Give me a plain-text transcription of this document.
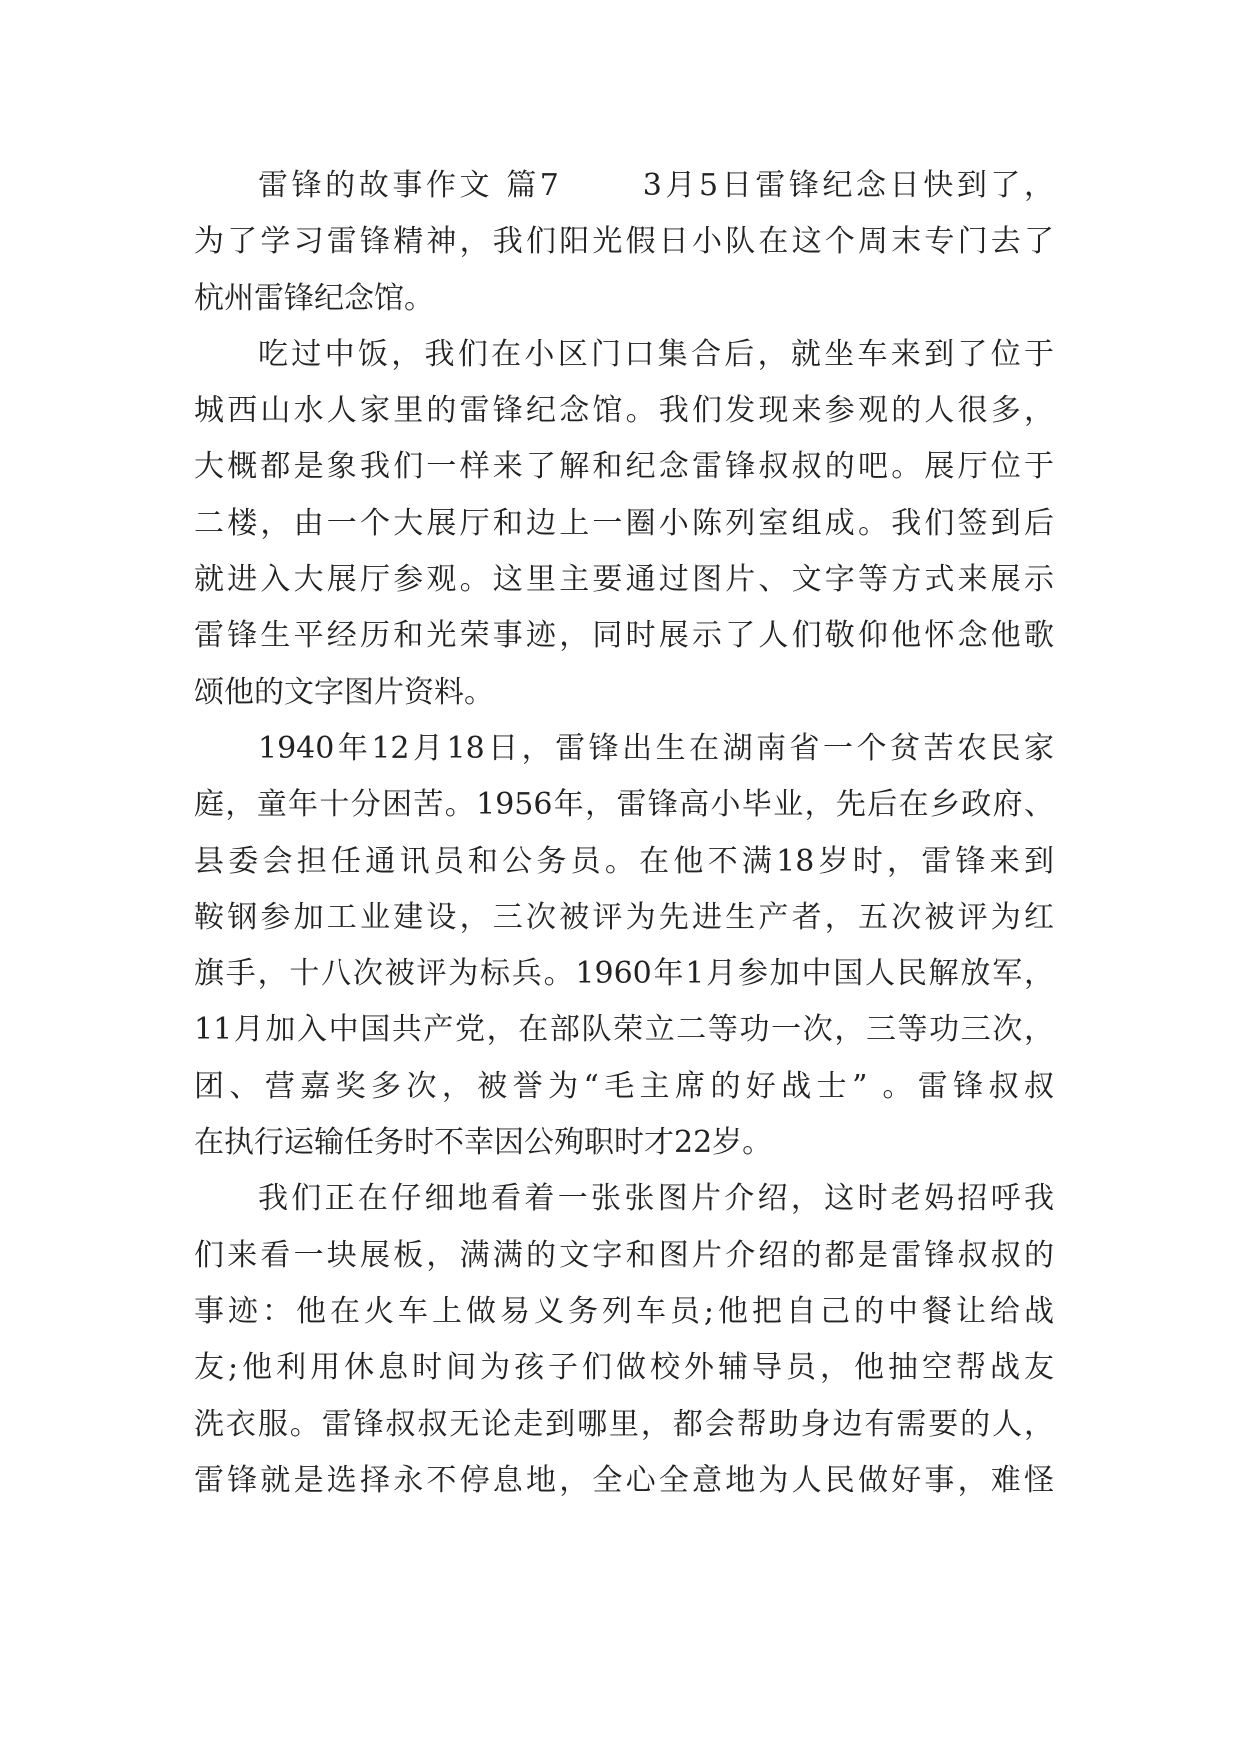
雷锋的故事作文 篇7　 　3月5日雷锋纪念日快到了，
为了学习雷锋精神，我们阳光假日小队在这个周末专门去了
杭州雷锋纪念馆。
吃过中饭，我们在小区门口集合后，就坐车来到了位于
城西山水人家里的雷锋纪念馆。我们发现来参观的人很多，
大概都是象我们一样来了解和纪念雷锋叔叔的吧。展厅位于
二楼，由一个大展厅和边上一圈小陈列室组成。我们签到后
就进入大展厅参观。这里主要通过图片、文字等方式来展示
雷锋生平经历和光荣事迹，同时展示了人们敬仰他怀念他歌
颂他的文字图片资料。
1940年12月18日，雷锋出生在湖南省一个贫苦农民家
庭，童年十分困苦。1956年，雷锋高小毕业，先后在乡政府、
县委会担任通讯员和公务员。在他不满18岁时，雷锋来到
鞍钢参加工业建设，三次被评为先进生产者，五次被评为红
旗手，十八次被评为标兵。1960年1月参加中国人民解放军，
11月加入中国共产党，在部队荣立二等功一次，三等功三次，
团、营嘉奖多次，被誉为“毛主席的好战士” 。雷锋叔叔
在执行运输任务时不幸因公殉职时才22岁。
我们正在仔细地看着一张张图片介绍，这时老妈招呼我
们来看一块展板，满满的文字和图片介绍的都是雷锋叔叔的
事迹：他在火车上做易义务列车员;他把自己的中餐让给战
友;他利用休息时间为孩子们做校外辅导员，他抽空帮战友
洗衣服。雷锋叔叔无论走到哪里，都会帮助身边有需要的人，
雷锋就是选择永不停息地，全心全意地为人民做好事，难怪
